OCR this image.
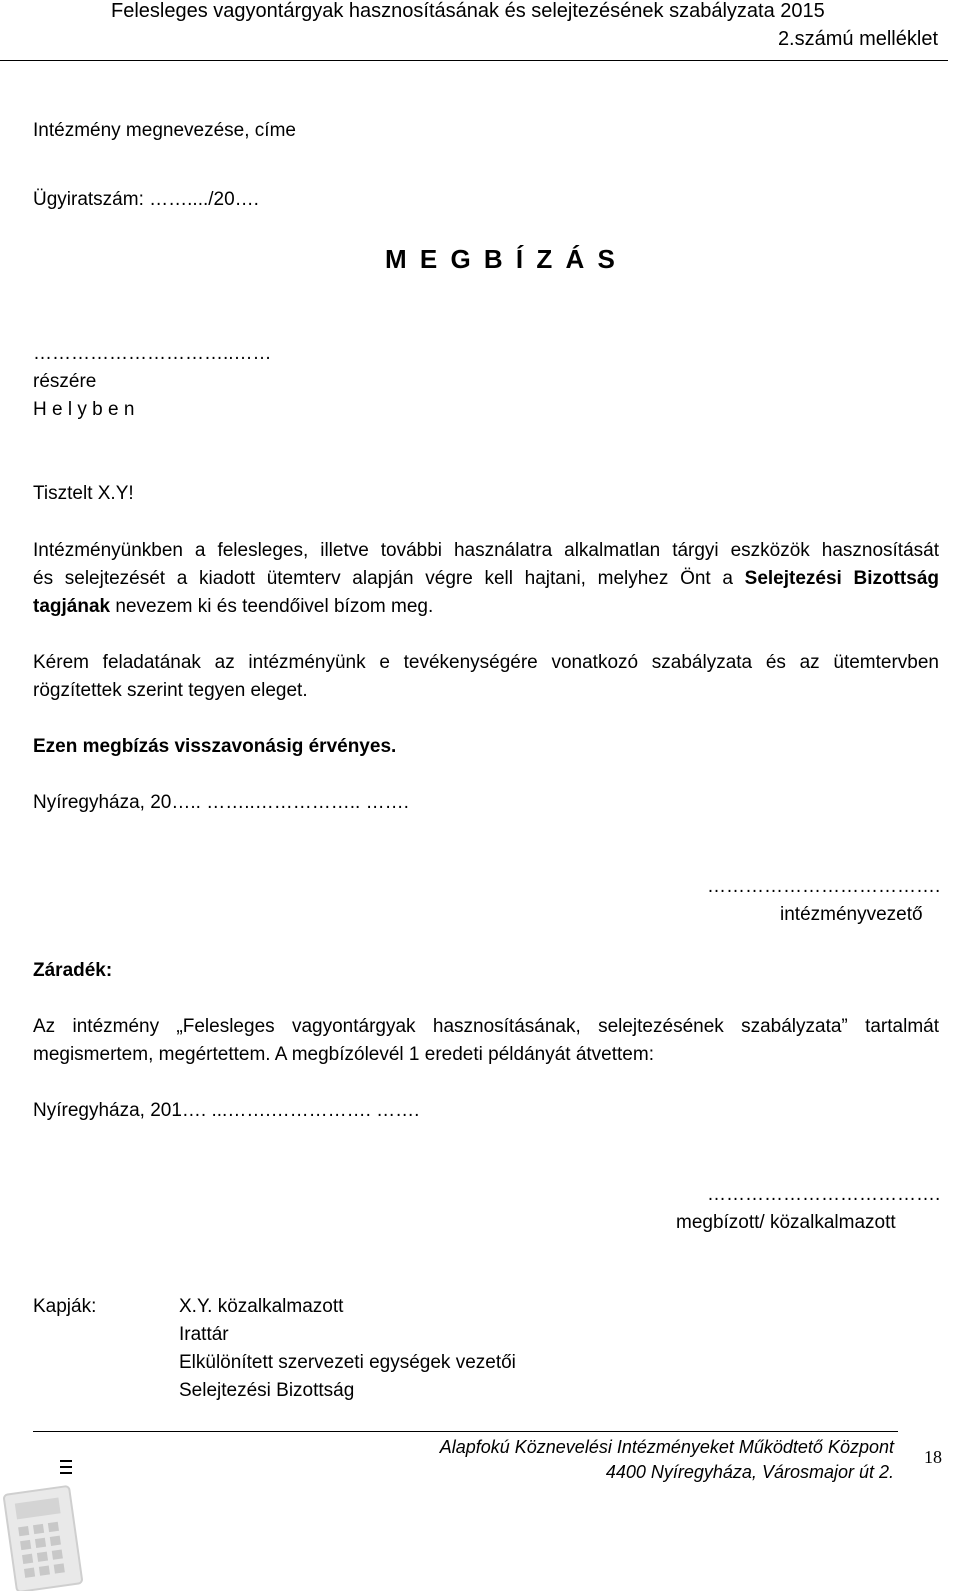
Felesleges vagyontárgyak hasznosításának és selejtezésének szabályzata 2015
2.számú melléklet
Intézmény megnevezése, címe
Ügyiratszám: ……..../20….
M E G B Í Z Á S
…………………………..……
részére
H e l y b e n
Tisztelt X.Y!
Intézményünkben a felesleges, illetve további használatra alkalmatlan tárgyi eszközök hasznosítását
és selejtezését a kiadott ütemterv alapján végre kell hajtani, melyhez Önt a Selejtezési Bizottság
tagjának nevezem ki és teendőivel bízom meg.
Kérem feladatának az intézményünk e tevékenységére vonatkozó szabályzata és az ütemtervben
rögzítettek szerint tegyen eleget.
Ezen megbízás visszavonásig érvényes.
Nyíregyháza, 20….. ……..…………….. …….
……………………………….
intézményvezető
Záradék:
Az intézmény „Felesleges vagyontárgyak hasznosításának, selejtezésének szabályzata” tartalmát
megismertem, megértettem. A megbízólevél 1 eredeti példányát átvettem:
Nyíregyháza, 201…. ...…….……………. …….
……………………………….
megbízott/ közalkalmazott
Kapják:	X.Y. közalkalmazott
Irattár
Elkülönített szervezeti egységek vezetői
Selejtezési Bizottság
Alapfokú Köznevelési Intézményeket Működtető Központ
4400 Nyíregyháza, Városmajor út 2.
18
